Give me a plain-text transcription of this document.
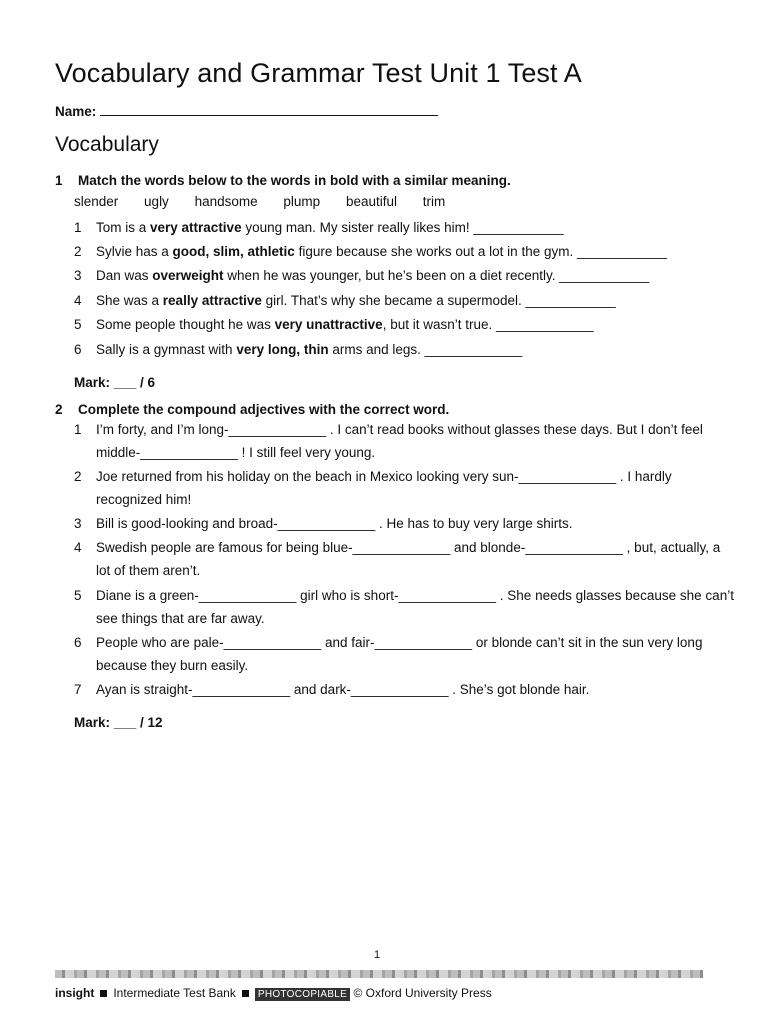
Vocabulary and Grammar Test Unit 1 Test A
Name:
Vocabulary
1 Match the words below to the words in bold with a similar meaning.
slender ugly handsome plump beautiful trim
1 Tom is a very attractive young man. My sister really likes him! ____________
2 Sylvie has a good, slim, athletic figure because she works out a lot in the gym. ____________
3 Dan was overweight when he was younger, but he’s been on a diet recently. ____________
4 She was a really attractive girl. That’s why she became a supermodel. ____________
5 Some people thought he was very unattractive, but it wasn’t true. _____________
6 Sally is a gymnast with very long, thin arms and legs. _____________
Mark: ___ / 6
2 Complete the compound adjectives with the correct word.
1 I’m forty, and I’m long-_____________ . I can’t read books without glasses these days. But I don’t feel middle-_____________ ! I still feel very young.
2 Joe returned from his holiday on the beach in Mexico looking very sun-_____________ . I hardly recognized him!
3 Bill is good-looking and broad-_____________ . He has to buy very large shirts.
4 Swedish people are famous for being blue-_____________ and blonde-_____________ , but, actually, a lot of them aren’t.
5 Diane is a green-_____________ girl who is short-_____________ . She needs glasses because she can’t see things that are far away.
6 People who are pale-_____________ and fair-_____________ or blonde can’t sit in the sun very long because they burn easily.
7 Ayan is straight-_____________ and dark-_____________ . She’s got blonde hair.
Mark: ___ / 12
1
insight Intermediate Test Bank PHOTOCOPIABLE © Oxford University Press
